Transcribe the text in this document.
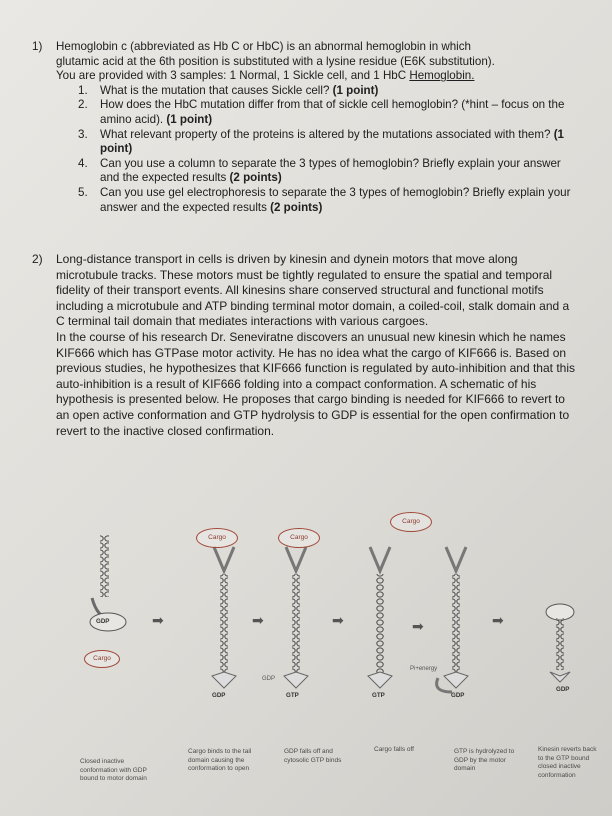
1) Hemoglobin c (abbreviated as Hb C or HbC) is an abnormal hemoglobin in which
glutamic acid at the 6th position is substituted with a lysine residue (E6K substitution).
You are provided with 3 samples: 1 Normal, 1 Sickle cell, and 1 HbC Hemoglobin.
1. What is the mutation that causes Sickle cell? (1 point)
2. How does the HbC mutation differ from that of sickle cell hemoglobin? (*hint – focus on the amino acid). (1 point)
3. What relevant property of the proteins is altered by the mutations associated with them? (1 point)
4. Can you use a column to separate the 3 types of hemoglobin? Briefly explain your answer and the expected results (2 points)
5. Can you use gel electrophoresis to separate the 3 types of hemoglobin? Briefly explain your answer and the expected results (2 points)
2) Long-distance transport in cells is driven by kinesin and dynein motors that move along microtubule tracks. These motors must be tightly regulated to ensure the spatial and temporal fidelity of their transport events. All kinesins share conserved structural and functional motifs including a microtubule and ATP binding terminal motor domain, a coiled-coil, stalk domain and a C terminal tail domain that mediates interactions with various cargoes.
In the course of his research Dr. Seneviratne discovers an unusual new kinesin which he names KIF666 which has GTPase motor activity. He has no idea what the cargo of KIF666 is. Based on previous studies, he hypothesizes that KIF666 function is regulated by auto-inhibition and that this auto-inhibition is a result of KIF666 folding into a compact conformation. A schematic of his hypothesis is presented below. He proposes that cargo binding is needed for KIF666 to revert to an open active conformation and GTP hydrolysis to GDP is essential for the open confirmation to revert to the inactive closed confirmation.
Cargo	Cargo
Cargo
Cargo
GDP
GDP
GDP
GTP	GTP	GDP
Pi+energy
GDP
➡	➡	➡	➡	➡
Closed inactive conformation with GDP bound to motor domain
Cargo binds to the tail domain causing the conformation to open
GDP falls off and cytosolic GTP binds
Cargo falls off	GTP is hydrolyzed to GDP by the motor domain
Kinesin reverts back to the GTP bound closed inactive conformation
